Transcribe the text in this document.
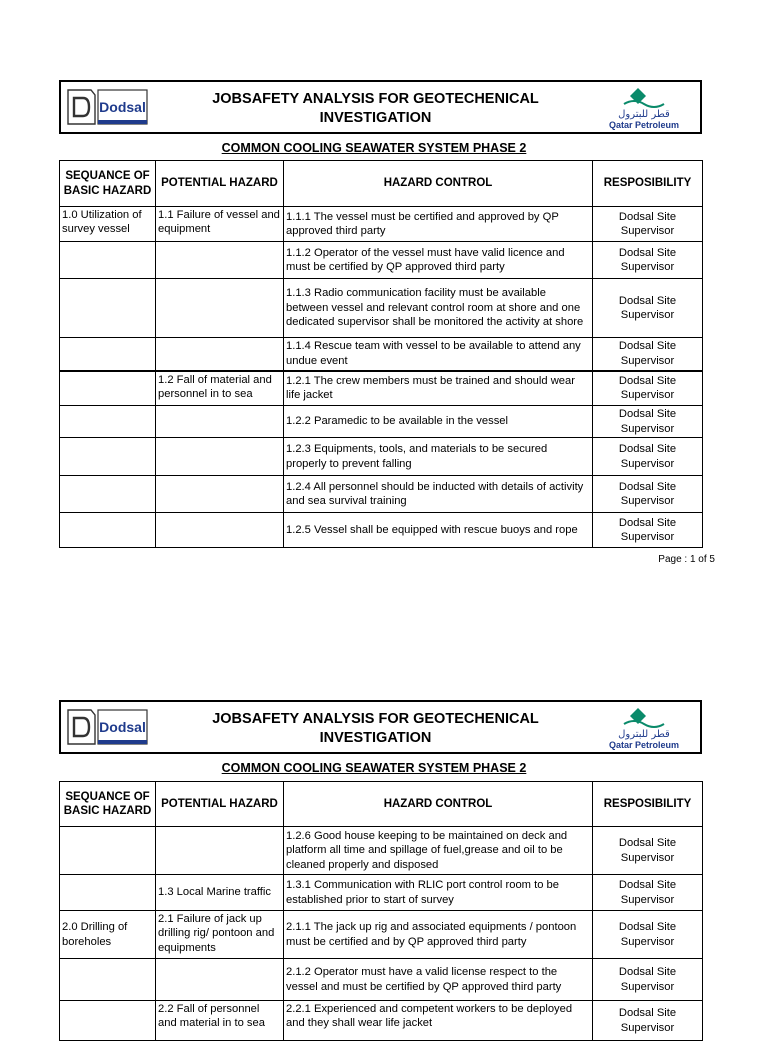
Dodsal	JOBSAFETY ANALYSIS FOR GEOTECHENICAL
INVESTIGATION	قطر للبترول
Qatar Petroleum
COMMON COOLING SEAWATER SYSTEM PHASE 2
SEQUANCE OF BASIC HAZARD	POTENTIAL HAZARD	HAZARD CONTROL	RESPOSIBILITY
1.0 Utilization of survey vessel	1.1 Failure of vessel and equipment	1.1.1 The vessel must be certified and approved by QP approved third party	Dodsal Site Supervisor
		1.1.2 Operator of the vessel must have valid licence and must be certified by QP approved third party	Dodsal Site Supervisor
		1.1.3 Radio communication facility must be available between vessel and relevant control room at shore and one dedicated supervisor shall be monitored the activity at shore	Dodsal Site Supervisor
		1.1.4 Rescue team with vessel to be available to attend any undue event	Dodsal Site Supervisor
	1.2 Fall of material and personnel in to sea	1.2.1 The crew members must be trained and should wear life jacket	Dodsal Site Supervisor
		1.2.2 Paramedic to be available in the vessel	Dodsal Site Supervisor
		1.2.3 Equipments, tools, and materials to be secured properly to prevent falling	Dodsal Site Supervisor
		1.2.4 All personnel should be inducted with details of activity and sea survival training	Dodsal Site Supervisor
		1.2.5 Vessel shall be equipped with rescue buoys and rope	Dodsal Site Supervisor
Page : 1 of 5
Dodsal	JOBSAFETY ANALYSIS FOR GEOTECHENICAL
INVESTIGATION	قطر للبترول
Qatar Petroleum
COMMON COOLING SEAWATER SYSTEM PHASE 2
SEQUANCE OF BASIC HAZARD	POTENTIAL HAZARD	HAZARD CONTROL	RESPOSIBILITY
		1.2.6 Good house keeping to be maintained on deck and platform all time and spillage of fuel,grease and oil to be cleaned properly and disposed	Dodsal Site Supervisor
	1.3 Local Marine traffic	1.3.1 Communication with RLIC port control room to be established prior to start of survey	Dodsal Site Supervisor
2.0 Drilling of boreholes	2.1 Failure of jack up drilling rig/ pontoon and equipments	2.1.1 The jack up rig and associated equipments / pontoon must be certified and by QP approved third party	Dodsal Site Supervisor
		2.1.2 Operator must have a valid license respect to the vessel and must be certified by QP approved third party	Dodsal Site Supervisor
	2.2 Fall of personnel and material in to sea	2.2.1 Experienced and competent workers to be deployed and they shall wear life jacket	Dodsal Site Supervisor
